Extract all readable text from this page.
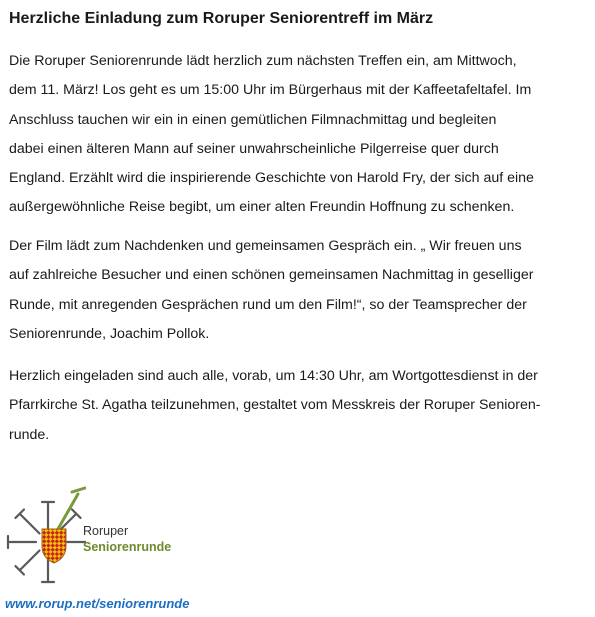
Herzliche Einladung zum Roruper Seniorentreff im März
Die Roruper Seniorenrunde lädt herzlich zum nächsten Treffen ein, am Mittwoch,
dem 11. März! Los geht es um 15:00 Uhr im Bürgerhaus mit der Kaffeetafeltafel. Im
Anschluss tauchen wir ein in einen gemütlichen Filmnachmittag und begleiten
dabei einen älteren Mann auf seiner unwahrscheinliche Pilgerreise quer durch
England. Erzählt wird die inspirierende Geschichte von Harold Fry, der sich auf eine
außergewöhnliche Reise begibt, um einer alten Freundin Hoffnung zu schenken.
Der Film lädt zum Nachdenken und gemeinsamen Gespräch ein. „ Wir freuen uns
auf zahlreiche Besucher und einen schönen gemeinsamen Nachmittag in geselliger
Runde, mit anregenden Gesprächen rund um den Film!“, so der Teamsprecher der
Seniorenrunde, Joachim Pollok.
Herzlich eingeladen sind auch alle, vorab, um 14:30 Uhr, am Wortgottesdienst in der
Pfarrkirche St. Agatha teilzunehmen, gestaltet vom Messkreis der Roruper Senioren-
runde.
Roruper
Seniorenrunde
www.rorup.net/seniorenrunde
